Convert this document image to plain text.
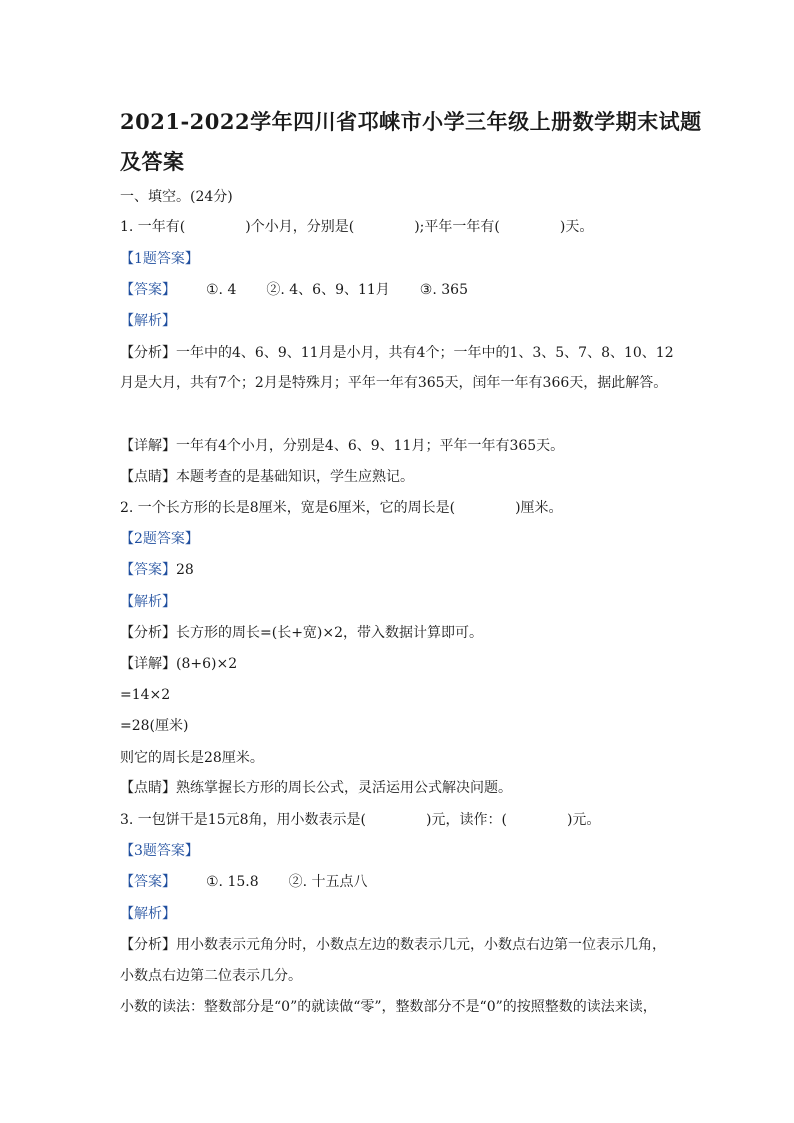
2021-2022学年四川省邛崃市小学三年级上册数学期末试题
及答案
一、填空。(24分)
1. 一年有(	)个小月，分别是(	);平年一年有(	)天。
【1题答案】
【答案】 ①. 4 ②. 4、6、9、11月 ③. 365
【解析】
【分析】一年中的4、6、9、11月是小月，共有4个；一年中的1、3、5、7、8、10、12
月是大月，共有7个；2月是特殊月；平年一年有365天，闰年一年有366天，据此解答。
【详解】一年有4个小月，分别是4、6、9、11月；平年一年有365天。
【点睛】本题考查的是基础知识，学生应熟记。
2. 一个长方形的长是8厘米，宽是6厘米，它的周长是(	)厘米。
【2题答案】
【答案】28
【解析】
【分析】长方形的周长=(长+宽)×2，带入数据计算即可。
【详解】(8+6)×2
=14×2
=28(厘米)
则它的周长是28厘米。
【点睛】熟练掌握长方形的周长公式，灵活运用公式解决问题。
3. 一包饼干是15元8角，用小数表示是(	)元，读作：(	)元。
【3题答案】
【答案】 ①. 15.8 ②. 十五点八
【解析】
【分析】用小数表示元角分时，小数点左边的数表示几元，小数点右边第一位表示几角，
小数点右边第二位表示几分。
小数的读法：整数部分是“0”的就读做“零”，整数部分不是“0”的按照整数的读法来读，
